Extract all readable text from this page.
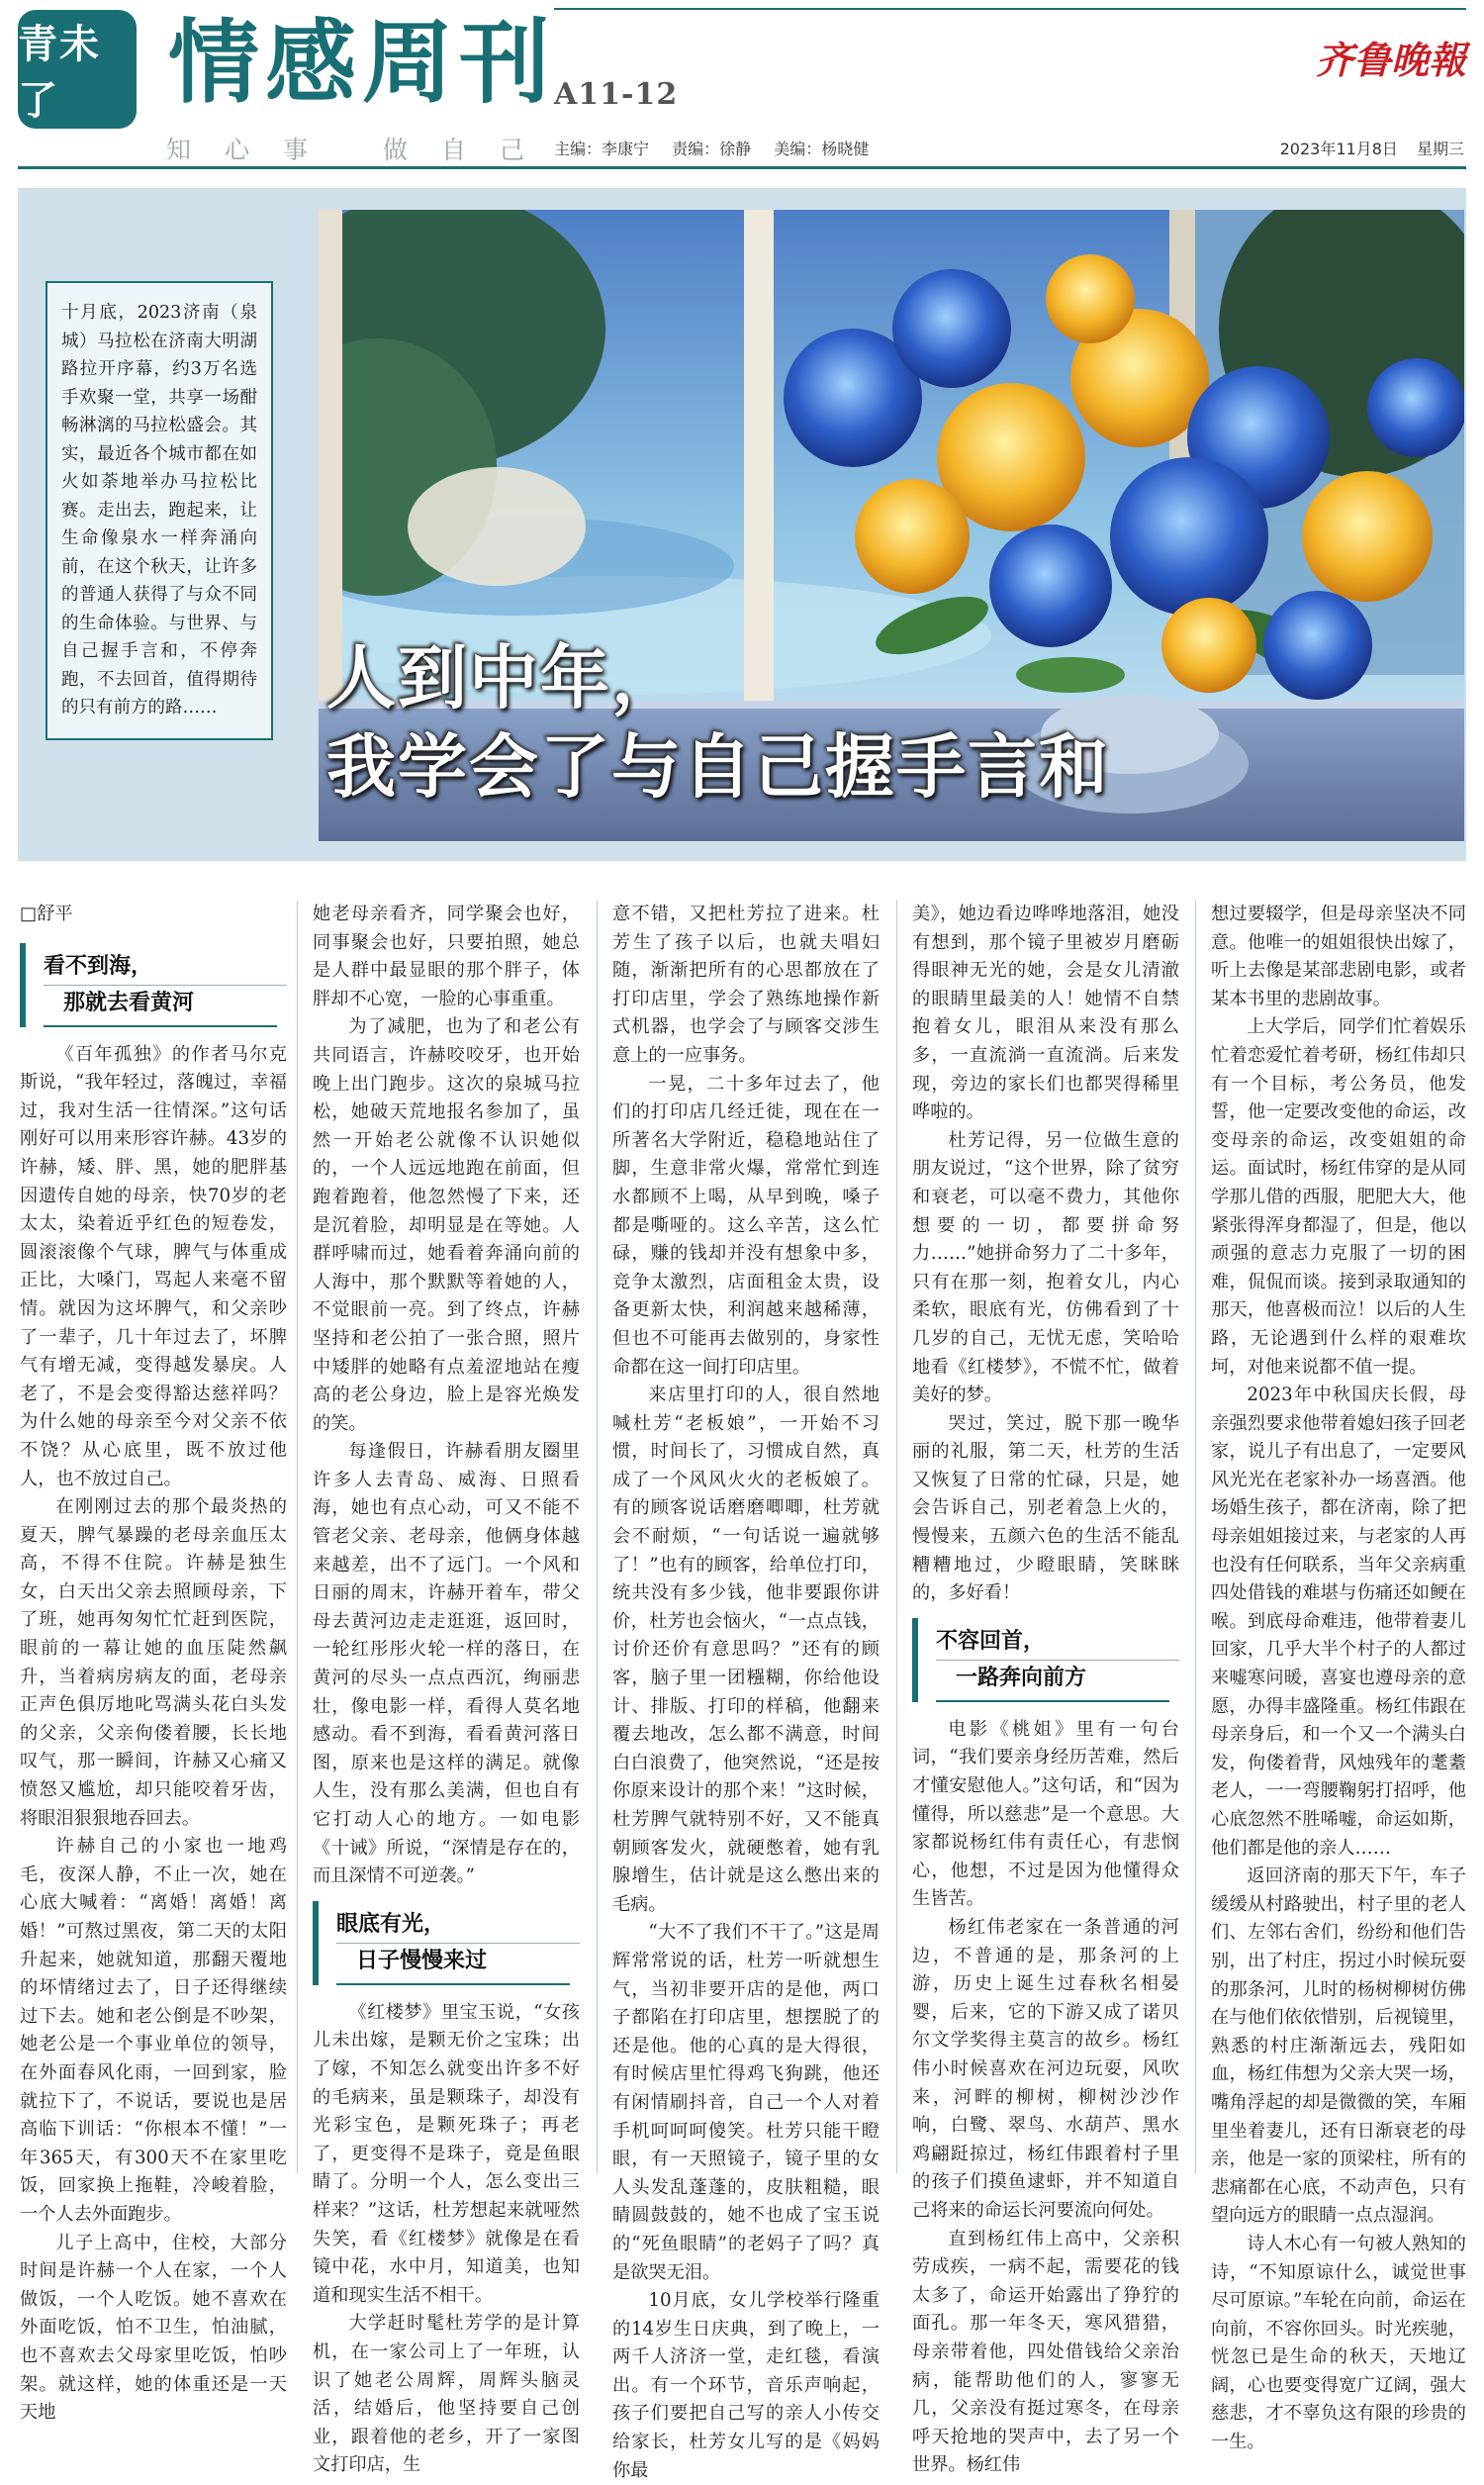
青未了	情感周刊
A11-12
齐鲁晚報
知心事 做自己
主编：李康宁 责编：徐静 美编：杨晓健	2023年11月8日 星期三
十月底，2023济南（泉城）马拉松在济南大明湖路拉开序幕，约3万名选手欢聚一堂，共享一场酣畅淋漓的马拉松盛会。其实，最近各个城市都在如火如荼地举办马拉松比赛。走出去，跑起来，让生命像泉水一样奔涌向前，在这个秋天，让许多的普通人获得了与众不同的生命体验。与世界、与自己握手言和，不停奔跑，不去回首，值得期待的只有前方的路……	人到中年，
我学会了与自己握手言和
□舒平
看不到海，
那就去看黄河

《百年孤独》的作者马尔克斯说，“我年轻过，落魄过，幸福过，我对生活一往情深。”这句话刚好可以用来形容许赫。43岁的许赫，矮、胖、黑，她的肥胖基因遗传自她的母亲，快70岁的老太太，染着近乎红色的短卷发，圆滚滚像个气球，脾气与体重成正比，大嗓门，骂起人来毫不留情。就因为这坏脾气，和父亲吵了一辈子，几十年过去了，坏脾气有增无减，变得越发暴戾。人老了，不是会变得豁达慈祥吗？为什么她的母亲至今对父亲不依不饶？从心底里，既不放过他人，也不放过自己。

在刚刚过去的那个最炎热的夏天，脾气暴躁的老母亲血压太高，不得不住院。许赫是独生女，白天出父亲去照顾母亲，下了班，她再匆匆忙忙赶到医院，眼前的一幕让她的血压陡然飙升，当着病房病友的面，老母亲正声色俱厉地叱骂满头花白头发的父亲，父亲佝偻着腰，长长地叹气，那一瞬间，许赫又心痛又愤怒又尴尬，却只能咬着牙齿，将眼泪狠狠地吞回去。

许赫自己的小家也一地鸡毛，夜深人静，不止一次，她在心底大喊着：“离婚！离婚！离婚！”可熬过黑夜，第二天的太阳升起来，她就知道，那翻天覆地的坏情绪过去了，日子还得继续过下去。她和老公倒是不吵架，她老公是一个事业单位的领导，在外面春风化雨，一回到家，脸就拉下了，不说话，要说也是居高临下训话：“你根本不懂！”一年365天，有300天不在家里吃饭，回家换上拖鞋，冷峻着脸，一个人去外面跑步。

儿子上高中，住校，大部分时间是许赫一个人在家，一个人做饭，一个人吃饭。她不喜欢在外面吃饭，怕不卫生，怕油腻，也不喜欢去父母家里吃饭，怕吵架。就这样，她的体重还是一天天地

她老母亲看齐，同学聚会也好，同事聚会也好，只要拍照，她总是人群中最显眼的那个胖子，体胖却不心宽，一脸的心事重重。

为了减肥，也为了和老公有共同语言，许赫咬咬牙，也开始晚上出门跑步。这次的泉城马拉松，她破天荒地报名参加了，虽然一开始老公就像不认识她似的，一个人远远地跑在前面，但跑着跑着，他忽然慢了下来，还是沉着脸，却明显是在等她。人群呼啸而过，她看着奔涌向前的人海中，那个默默等着她的人，不觉眼前一亮。到了终点，许赫坚持和老公拍了一张合照，照片中矮胖的她略有点羞涩地站在瘦高的老公身边，脸上是容光焕发的笑。

每逢假日，许赫看朋友圈里许多人去青岛、威海、日照看海，她也有点心动，可又不能不管老父亲、老母亲，他俩身体越来越差，出不了远门。一个风和日丽的周末，许赫开着车，带父母去黄河边走走逛逛，返回时，一轮红彤彤火轮一样的落日，在黄河的尽头一点点西沉，绚丽悲壮，像电影一样，看得人莫名地感动。看不到海，看看黄河落日图，原来也是这样的满足。就像人生，没有那么美满，但也自有它打动人心的地方。一如电影《十诫》所说，“深情是存在的，而且深情不可逆袭。”

眼底有光，
日子慢慢来过

《红楼梦》里宝玉说，“女孩儿未出嫁，是颗无价之宝珠；出了嫁，不知怎么就变出许多不好的毛病来，虽是颗珠子，却没有光彩宝色，是颗死珠子；再老了，更变得不是珠子，竟是鱼眼睛了。分明一个人，怎么变出三样来？”这话，杜芳想起来就哑然失笑，看《红楼梦》就像是在看镜中花，水中月，知道美，也知道和现实生活不相干。

大学赶时髦杜芳学的是计算机，在一家公司上了一年班，认识了她老公周辉，周辉头脑灵活，结婚后，他坚持要自己创业，跟着他的老乡，开了一家图文打印店，生

意不错，又把杜芳拉了进来。杜芳生了孩子以后，也就夫唱妇随，渐渐把所有的心思都放在了打印店里，学会了熟练地操作新式机器，也学会了与顾客交涉生意上的一应事务。

一晃，二十多年过去了，他们的打印店几经迁徙，现在在一所著名大学附近，稳稳地站住了脚，生意非常火爆，常常忙到连水都顾不上喝，从早到晚，嗓子都是嘶哑的。这么辛苦，这么忙碌，赚的钱却并没有想象中多，竞争太激烈，店面租金太贵，设备更新太快，利润越来越稀薄，但也不可能再去做别的，身家性命都在这一间打印店里。

来店里打印的人，很自然地喊杜芳“老板娘”，一开始不习惯，时间长了，习惯成自然，真成了一个风风火火的老板娘了。有的顾客说话磨磨唧唧，杜芳就会不耐烦，“一句话说一遍就够了！”也有的顾客，给单位打印，统共没有多少钱，他非要跟你讲价，杜芳也会恼火，“一点点钱，讨价还价有意思吗？”还有的顾客，脑子里一团糨糊，你给他设计、排版、打印的样稿，他翻来覆去地改，怎么都不满意，时间白白浪费了，他突然说，“还是按你原来设计的那个来！”这时候，杜芳脾气就特别不好，又不能真朝顾客发火，就硬憋着，她有乳腺增生，估计就是这么憋出来的毛病。

“大不了我们不干了。”这是周辉常常说的话，杜芳一听就想生气，当初非要开店的是他，两口子都陷在打印店里，想摆脱了的还是他。他的心真的是大得很，有时候店里忙得鸡飞狗跳，他还有闲情刷抖音，自己一个人对着手机呵呵呵傻笑。杜芳只能干瞪眼，有一天照镜子，镜子里的女人头发乱蓬蓬的，皮肤粗糙，眼睛圆鼓鼓的，她不也成了宝玉说的“死鱼眼睛”的老妈子了吗？真是欲哭无泪。

10月底，女儿学校举行隆重的14岁生日庆典，到了晚上，一两千人济济一堂，走红毯，看演出。有一个环节，音乐声响起，孩子们要把自己写的亲人小传交给家长，杜芳女儿写的是《妈妈你最

美》，她边看边哗哗地落泪，她没有想到，那个镜子里被岁月磨砺得眼神无光的她，会是女儿清澈的眼睛里最美的人！她情不自禁抱着女儿，眼泪从来没有那么多，一直流淌一直流淌。后来发现，旁边的家长们也都哭得稀里哗啦的。

杜芳记得，另一位做生意的朋友说过，“这个世界，除了贫穷和衰老，可以毫不费力，其他你想要的一切，都要拼命努力……”她拼命努力了二十多年，只有在那一刻，抱着女儿，内心柔软，眼底有光，仿佛看到了十几岁的自己，无忧无虑，笑哈哈地看《红楼梦》，不慌不忙，做着美好的梦。

哭过，笑过，脱下那一晚华丽的礼服，第二天，杜芳的生活又恢复了日常的忙碌，只是，她会告诉自己，别老着急上火的，慢慢来，五颜六色的生活不能乱糟糟地过，少瞪眼睛，笑眯眯的，多好看！

不容回首，
一路奔向前方

电影《桃姐》里有一句台词，“我们要亲身经历苦难，然后才懂安慰他人。”这句话，和“因为懂得，所以慈悲”是一个意思。大家都说杨红伟有责任心，有悲悯心，他想，不过是因为他懂得众生皆苦。

杨红伟老家在一条普通的河边，不普通的是，那条河的上游，历史上诞生过春秋名相晏婴，后来，它的下游又成了诺贝尔文学奖得主莫言的故乡。杨红伟小时候喜欢在河边玩耍，风吹来，河畔的柳树，柳树沙沙作响，白鹭、翠鸟、水葫芦、黑水鸡翩跹掠过，杨红伟跟着村子里的孩子们摸鱼逮虾，并不知道自己将来的命运长河要流向何处。

直到杨红伟上高中，父亲积劳成疾，一病不起，需要花的钱太多了，命运开始露出了狰狞的面孔。那一年冬天，寒风猎猎，母亲带着他，四处借钱给父亲治病，能帮助他们的人，寥寥无几，父亲没有挺过寒冬，在母亲呼天抢地的哭声中，去了另一个世界。杨红伟

想过要辍学，但是母亲坚决不同意。他唯一的姐姐很快出嫁了，听上去像是某部悲剧电影，或者某本书里的悲剧故事。

上大学后，同学们忙着娱乐忙着恋爱忙着考研，杨红伟却只有一个目标，考公务员，他发誓，他一定要改变他的命运，改变母亲的命运，改变姐姐的命运。面试时，杨红伟穿的是从同学那儿借的西服，肥肥大大，他紧张得浑身都湿了，但是，他以顽强的意志力克服了一切的困难，侃侃而谈。接到录取通知的那天，他喜极而泣！以后的人生路，无论遇到什么样的艰难坎坷，对他来说都不值一提。

2023年中秋国庆长假，母亲强烈要求他带着媳妇孩子回老家，说儿子有出息了，一定要风风光光在老家补办一场喜酒。他场婚生孩子，都在济南，除了把母亲姐姐接过来，与老家的人再也没有任何联系，当年父亲病重四处借钱的难堪与伤痛还如鲠在喉。到底母命难违，他带着妻儿回家，几乎大半个村子的人都过来嘘寒问暖，喜宴也遵母亲的意愿，办得丰盛隆重。杨红伟跟在母亲身后，和一个又一个满头白发，佝偻着背，风烛残年的耄耋老人，一一弯腰鞠躬打招呼，他心底忽然不胜唏嘘，命运如斯，他们都是他的亲人……

返回济南的那天下午，车子缓缓从村路驶出，村子里的老人们、左邻右舍们，纷纷和他们告别，出了村庄，拐过小时候玩耍的那条河，儿时的杨树柳树仿佛在与他们依依惜别，后视镜里，熟悉的村庄渐渐远去，残阳如血，杨红伟想为父亲大哭一场，嘴角浮起的却是微微的笑，车厢里坐着妻儿，还有日渐衰老的母亲，他是一家的顶梁柱，所有的悲痛都在心底，不动声色，只有望向远方的眼睛一点点湿润。

诗人木心有一句被人熟知的诗，“不知原谅什么，诚觉世事尽可原谅。”车轮在向前，命运在向前，不容你回头。时光疾驰，恍忽已是生命的秋天，天地辽阔，心也要变得宽广辽阔，强大慈悲，才不辜负这有限的珍贵的一生。
